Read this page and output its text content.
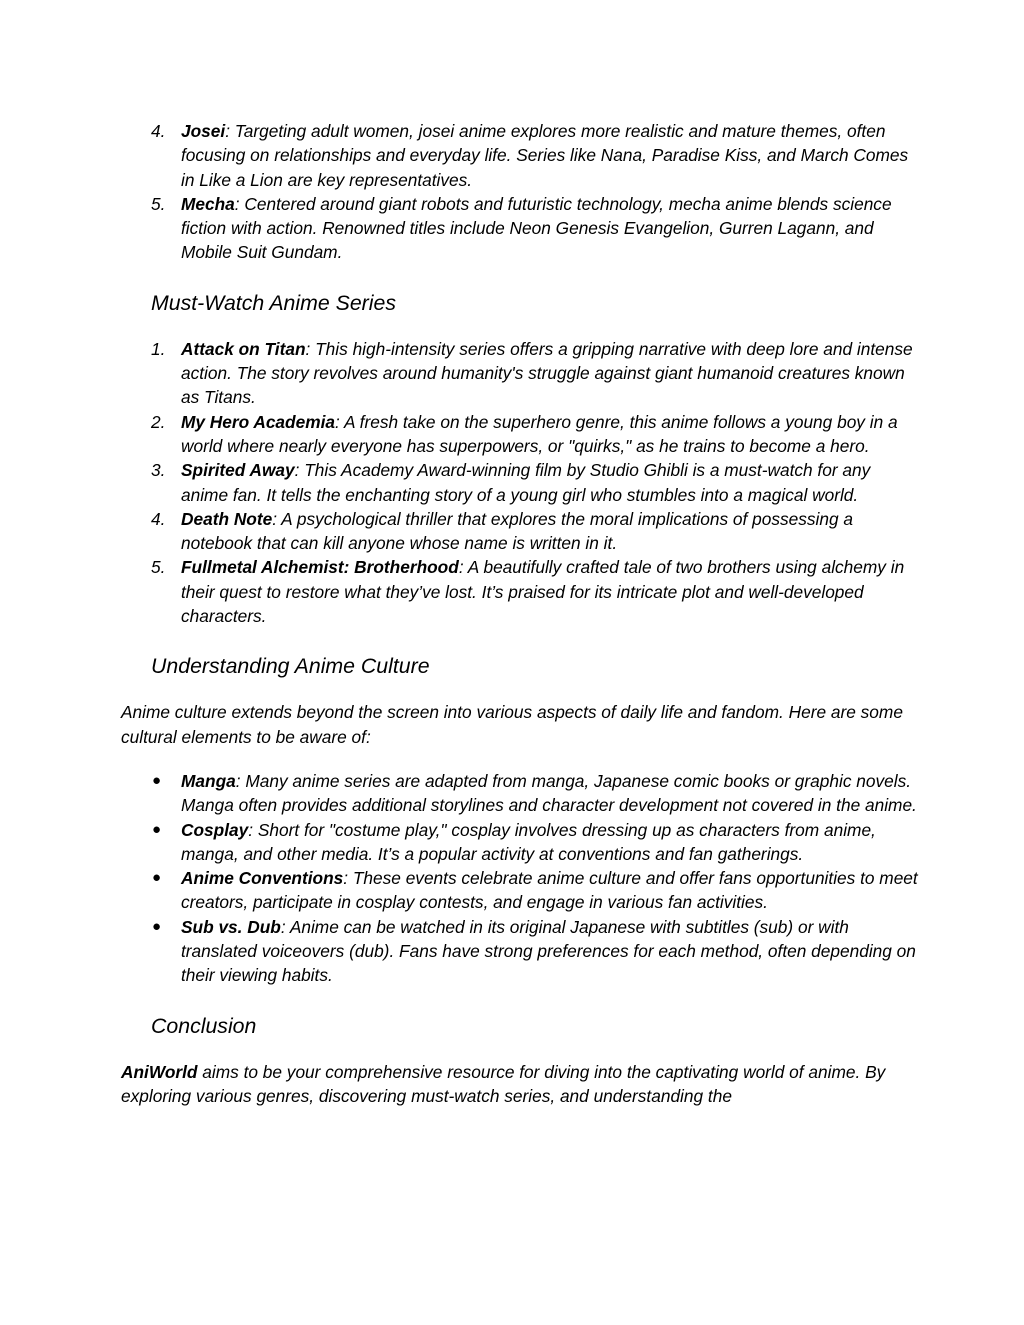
4. Josei: Targeting adult women, josei anime explores more realistic and mature themes, often focusing on relationships and everyday life. Series like Nana, Paradise Kiss, and March Comes in Like a Lion are key representatives.
5. Mecha: Centered around giant robots and futuristic technology, mecha anime blends science fiction with action. Renowned titles include Neon Genesis Evangelion, Gurren Lagann, and Mobile Suit Gundam.
Must-Watch Anime Series
1. Attack on Titan: This high-intensity series offers a gripping narrative with deep lore and intense action. The story revolves around humanity's struggle against giant humanoid creatures known as Titans.
2. My Hero Academia: A fresh take on the superhero genre, this anime follows a young boy in a world where nearly everyone has superpowers, or "quirks," as he trains to become a hero.
3. Spirited Away: This Academy Award-winning film by Studio Ghibli is a must-watch for any anime fan. It tells the enchanting story of a young girl who stumbles into a magical world.
4. Death Note: A psychological thriller that explores the moral implications of possessing a notebook that can kill anyone whose name is written in it.
5. Fullmetal Alchemist: Brotherhood: A beautifully crafted tale of two brothers using alchemy in their quest to restore what they’ve lost. It’s praised for its intricate plot and well-developed characters.
Understanding Anime Culture

Anime culture extends beyond the screen into various aspects of daily life and fandom. Here are some cultural elements to be aware of:

● Manga: Many anime series are adapted from manga, Japanese comic books or graphic novels. Manga often provides additional storylines and character development not covered in the anime.
● Cosplay: Short for "costume play," cosplay involves dressing up as characters from anime, manga, and other media. It’s a popular activity at conventions and fan gatherings.
● Anime Conventions: These events celebrate anime culture and offer fans opportunities to meet creators, participate in cosplay contests, and engage in various fan activities.
● Sub vs. Dub: Anime can be watched in its original Japanese with subtitles (sub) or with translated voiceovers (dub). Fans have strong preferences for each method, often depending on their viewing habits.
Conclusion

AniWorld aims to be your comprehensive resource for diving into the captivating world of anime. By exploring various genres, discovering must-watch series, and understanding the
